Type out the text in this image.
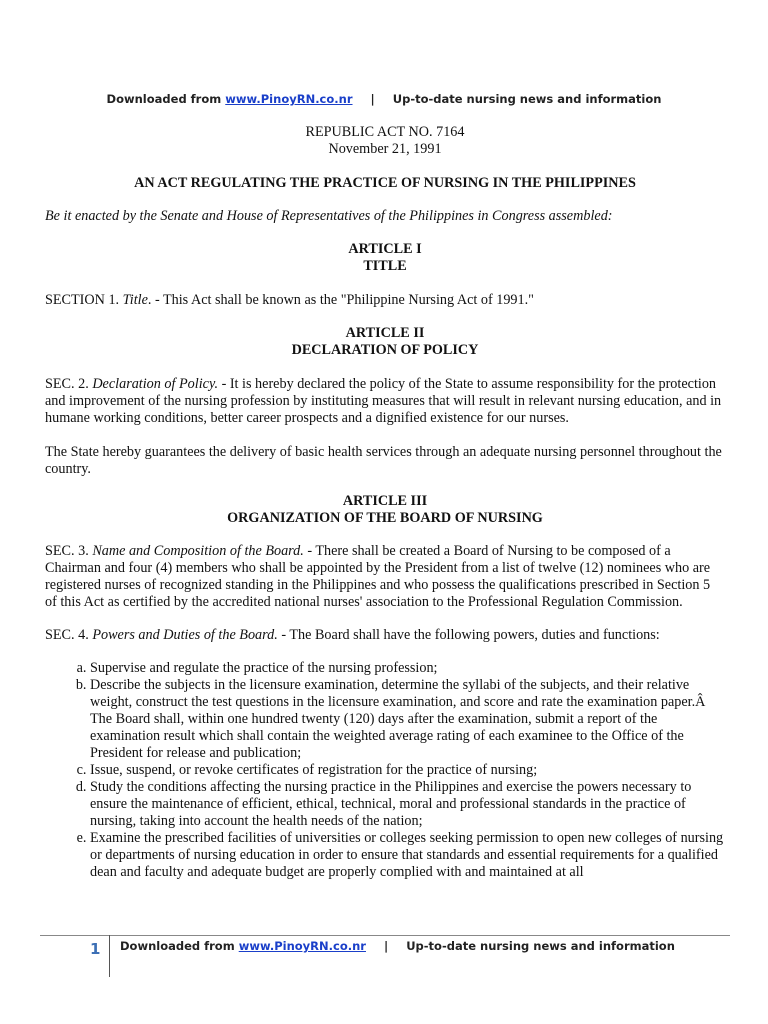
Downloaded from www.PinoyRN.co.nr | Up-to-date nursing news and information

REPUBLIC ACT NO. 7164

November 21, 1991

AN ACT REGULATING THE PRACTICE OF NURSING IN THE PHILIPPINES

Be it enacted by the Senate and House of Representatives of the Philippines in Congress assembled:

ARTICLE I

TITLE

SECTION 1. Title. - This Act shall be known as the "Philippine Nursing Act of 1991."

ARTICLE II

DECLARATION OF POLICY

SEC. 2. Declaration of Policy. - It is hereby declared the policy of the State to assume responsibility for the protection and improvement of the nursing profession by instituting measures that will result in relevant nursing education, and in humane working conditions, better career prospects and a dignified existence for our nurses.

The State hereby guarantees the delivery of basic health services through an adequate nursing personnel throughout the country.

ARTICLE III

ORGANIZATION OF THE BOARD OF NURSING

SEC. 3. Name and Composition of the Board. - There shall be created a Board of Nursing to be composed of a Chairman and four (4) members who shall be appointed by the President from a list of twelve (12) nominees who are registered nurses of recognized standing in the Philippines and who possess the qualifications prescribed in Section 5 of this Act as certified by the accredited national nurses' association to the Professional Regulation Commission.

SEC. 4. Powers and Duties of the Board. - The Board shall have the following powers, duties and functions:

a. Supervise and regulate the practice of the nursing profession;
b. Describe the subjects in the licensure examination, determine the syllabi of the subjects, and their relative weight, construct the test questions in the licensure examination, and score and rate the examination paper.Â The Board shall, within one hundred twenty (120) days after the examination, submit a report of the examination result which shall contain the weighted average rating of each examinee to the Office of the President for release and publication;
c. Issue, suspend, or revoke certificates of registration for the practice of nursing;
d. Study the conditions affecting the nursing practice in the Philippines and exercise the powers necessary to ensure the maintenance of efficient, ethical, technical, moral and professional standards in the practice of nursing, taking into account the health needs of the nation;
e. Examine the prescribed facilities of universities or colleges seeking permission to open new colleges of nursing or departments of nursing education in order to ensure that standards and essential requirements for a qualified dean and faculty and adequate budget are properly complied with and maintained at all
1 Downloaded from www.PinoyRN.co.nr | Up-to-date nursing news and information
